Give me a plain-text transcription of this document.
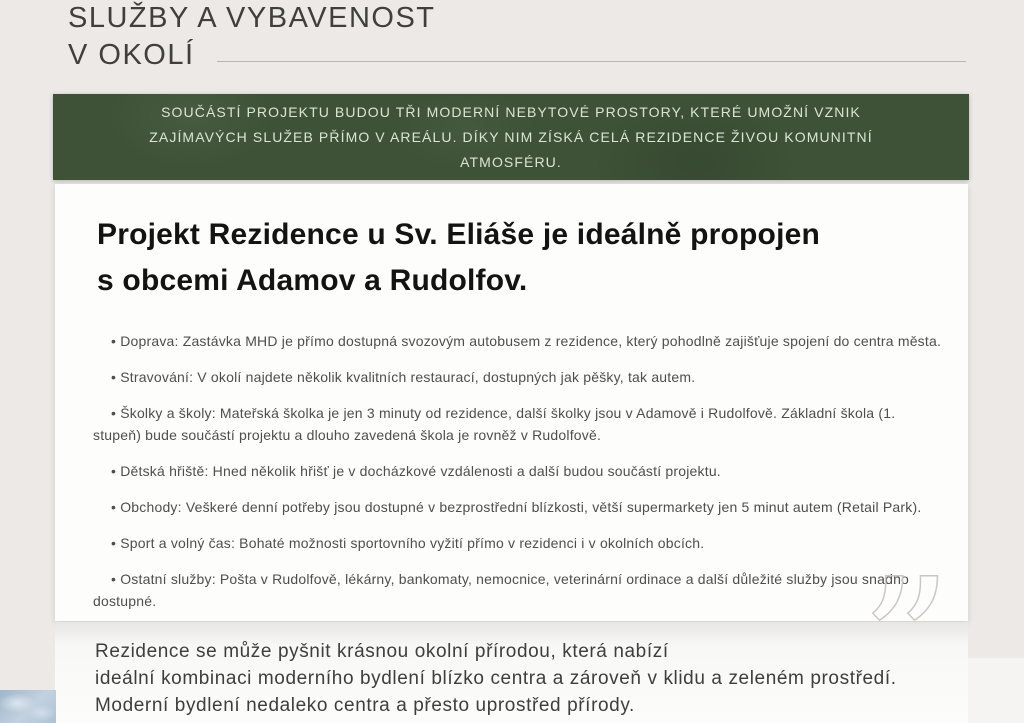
SLUŽBY A VYBAVENOST
V OKOLÍ
SOUČÁSTÍ PROJEKTU BUDOU TŘI MODERNÍ NEBYTOVÉ PROSTORY, KTERÉ UMOŽNÍ VZNIK ZAJÍMAVÝCH SLUŽEB PŘÍMO V AREÁLU. DÍKY NIM ZÍSKÁ CELÁ REZIDENCE ŽIVOU KOMUNITNÍ ATMOSFÉRU.
Projekt Rezidence u Sv. Eliáše je ideálně propojen
s obcemi Adamov a Rudolfov.

• Doprava: Zastávka MHD je přímo dostupná svozovým autobusem z rezidence, který pohodlně zajišťuje spojení do centra města.

• Stravování: V okolí najdete několik kvalitních restaurací, dostupných jak pěšky, tak autem.

• Školky a školy: Mateřská školka je jen 3 minuty od rezidence, další školky jsou v Adamově i Rudolfově. Základní škola (1. stupeň) bude součástí projektu a dlouho zavedená škola je rovněž v Rudolfově.

• Dětská hřiště: Hned několik hřišť je v docházkové vzdálenosti a další budou součástí projektu.

• Obchody: Veškeré denní potřeby jsou dostupné v bezprostřední blízkosti, větší supermarkety jen 5 minut autem (Retail Park).

• Sport a volný čas: Bohaté možnosti sportovního vyžití přímo v rezidenci i v okolních obcích.

• Ostatní služby: Pošta v Rudolfově, lékárny, bankomaty, nemocnice, veterinární ordinace a další důležité služby jsou snadno dostupné.

Rezidence se může pyšnit krásnou okolní přírodou, která nabízí
ideální kombinaci moderního bydlení blízko centra a zároveň v klidu a zeleném prostředí.
Moderní bydlení nedaleko centra a přesto uprostřed přírody.
